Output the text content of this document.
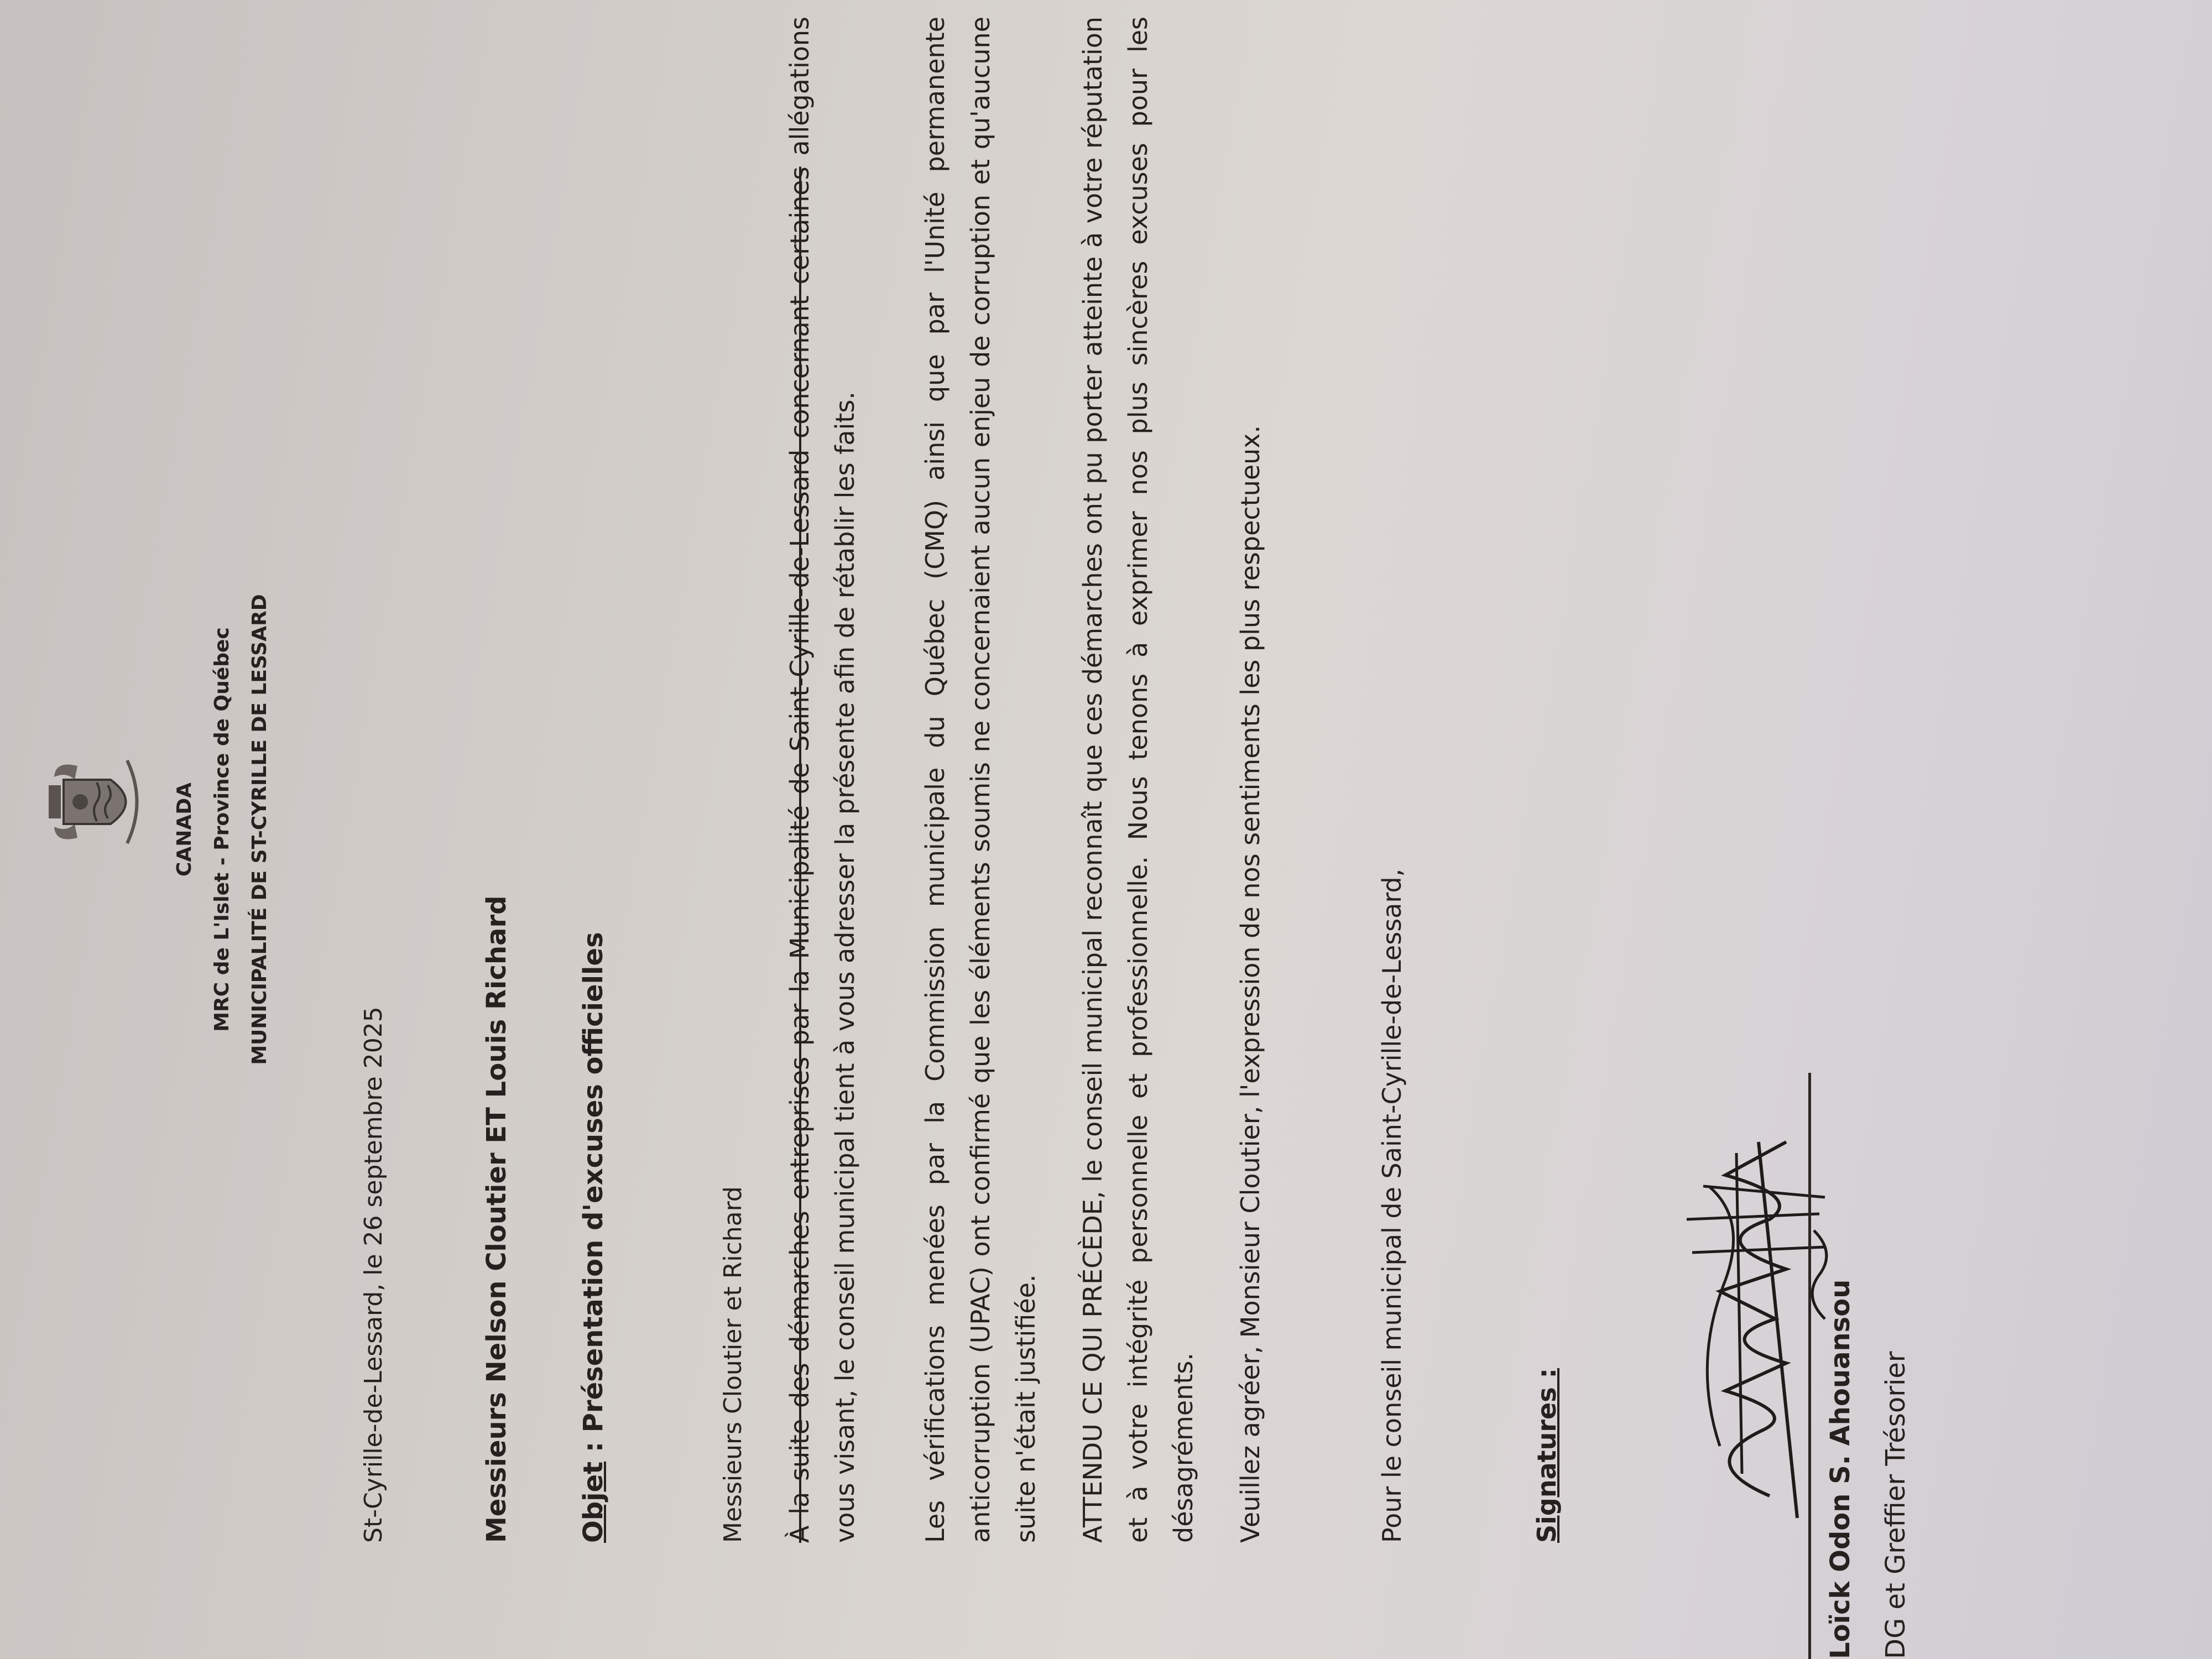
CANADA MRC de L'Islet - Province de Québec MUNICIPALITÉ DE ST-CYRILLE DE LESSARD
St-Cyrille-de-Lessard, le 26 septembre 2025	Messieurs Nelson Cloutier ET Louis Richard Objet : Présentation d'excuses officielles	Messieurs Cloutier et Richard	À la suite des démarches entreprises par la Municipalité de Saint-Cyrille-de-Lessard concernant certaines allégations vous visant, le conseil municipal tient à vous adresser la présente afin de rétablir les faits.	Les vérifications menées par la Commission municipale du Québec (CMQ) ainsi que par l'Unité permanente anticorruption (UPAC) ont confirmé que les éléments soumis ne concernaient aucun enjeu de corruption et qu'aucune suite n'était justifiée.	ATTENDU CE QUI PRÉCÈDE, le conseil municipal reconnaît que ces démarches ont pu porter atteinte à votre réputation et à votre intégrité personnelle et professionnelle. Nous tenons à exprimer nos plus sincères excuses pour les désagréments.	Veuillez agréer, Monsieur Cloutier, l'expression de nos sentiments les plus respectueux.	Pour le conseil municipal de Saint-Cyrille-de-Lessard,	Signatures :	Loïck Odon S. Ahouansou DG et Greffier Trésorier
